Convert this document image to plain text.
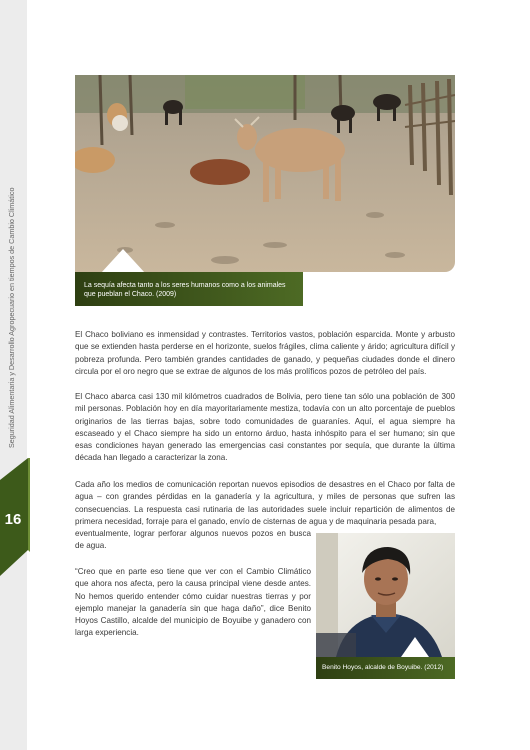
Seguridad Alimentaria y Desarrollo Agropecuario en tiempos de Cambio Climático
16
La sequía afecta tanto a los seres humanos como a los animales que pueblan el Chaco. (2009)

El Chaco boliviano es inmensidad y contrastes. Territorios vastos, población esparcida. Monte y arbusto que se extienden hasta perderse en el horizonte, suelos frágiles, clima caliente y árido; agricultura difícil y pobreza profunda. Pero también grandes cantidades de ganado, y pequeñas ciudades donde el dinero circula por el oro negro que se extrae de algunos de los más prolíficos pozos de petróleo del país.

El Chaco abarca casi 130 mil kilómetros cuadrados de Bolivia, pero tiene tan sólo una población de 300 mil personas. Población hoy en día mayoritariamente mestiza, todavía con un alto porcentaje de pueblos originarios de las tierras bajas, sobre todo comunidades de guaraníes. Aquí, el agua siempre ha escaseado y el Chaco siempre ha sido un entorno árduo, hasta inhóspito para el ser humano; sin que esas condiciones hayan generado las emergencias casi constantes por sequía, que durante la última década han llegado a caracterizar la zona.

Cada año los medios de comunicación reportan nuevos episodios de desastres en el Chaco por falta de agua – con grandes pérdidas en la ganadería y la agricultura, y miles de personas que sufren las consecuencias. La respuesta casi rutinaria de las autoridades suele incluir repartición de alimentos de primera necesidad, forraje para el ganado, envío de cisternas de agua y de maquinaria pesada para,
eventualmente, lograr perforar algunos nuevos pozos en busca de agua.

“Creo que en parte eso tiene que ver con el Cambio Climático que ahora nos afecta, pero la causa principal viene desde antes. No hemos querido entender cómo cuidar nuestras tierras y por ejemplo manejar la ganadería sin que haga daño”, dice Benito Hoyos Castillo, alcalde del municipio de Boyuibe y ganadero con larga experiencia.

Benito Hoyos, alcalde de Boyuibe. (2012)
